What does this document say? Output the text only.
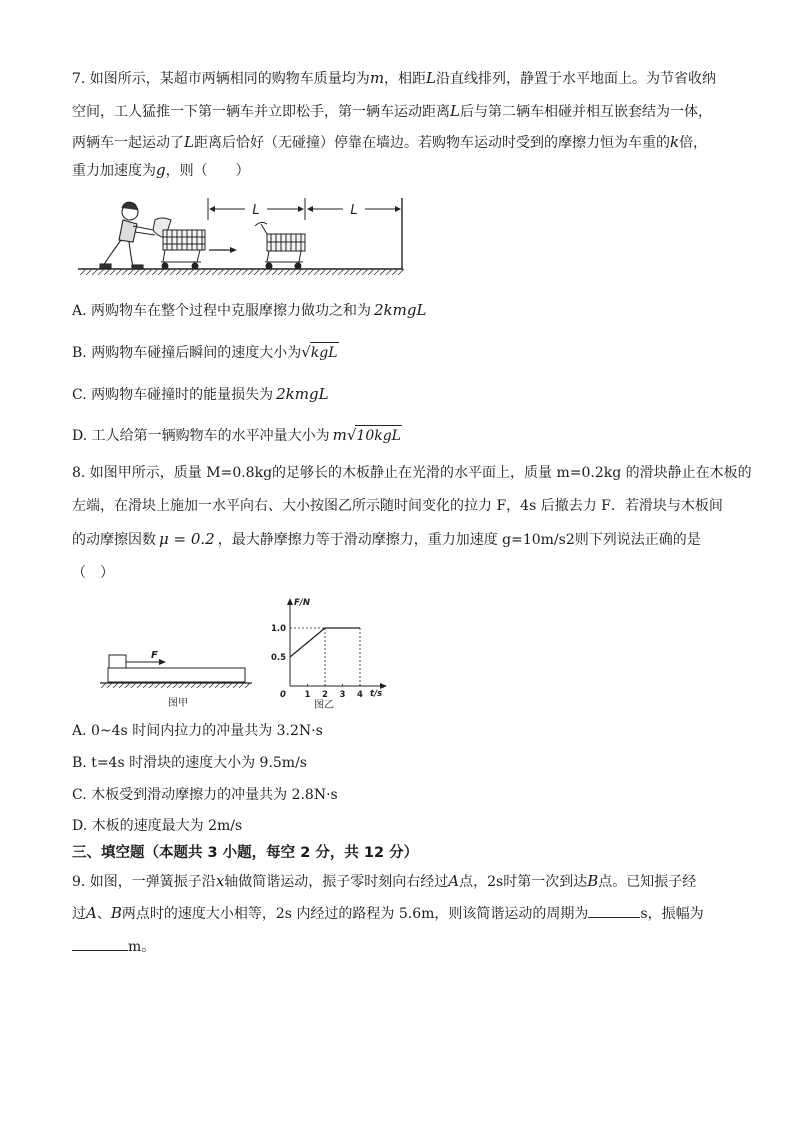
7. 如图所示，某超市两辆相同的购物车质量均为m，相距L沿直线排列，静置于水平地面上。为节省收纳
空间，工人猛推一下第一辆车并立即松手，第一辆车运动距离L后与第二辆车相碰并相互嵌套结为一体，
两辆车一起运动了L距离后恰好（无碰撞）停靠在墙边。若购物车运动时受到的摩擦力恒为车重的k倍，
重力加速度为g，则（　　）
L	L
A. 两购物车在整个过程中克服摩擦力做功之和为 2kmgL
B. 两购物车碰撞后瞬间的速度大小为√kgL
C. 两购物车碰撞时的能量损失为 2kmgL
D. 工人给第一辆购物车的水平冲量大小为 m√10kgL
8. 如图甲所示，质量 M=0.8kg的足够长的木板静止在光滑的水平面上，质量 m=0.2kg 的滑块静止在木板的
左端，在滑块上施加一水平向右、大小按图乙所示随时间变化的拉力 F，4s 后撤去力 F．若滑块与木板间
的动摩擦因数 μ = 0.2 ，最大静摩擦力等于滑动摩擦力，重力加速度 g=10m/s2则下列说法正确的是
（　）
F
图甲
F/N
t/s
图乙
0 1 2 3 4
0.5
1.0
A. 0~4s 时间内拉力的冲量共为 3.2N·s
B. t=4s 时滑块的速度大小为 9.5m/s
C. 木板受到滑动摩擦力的冲量共为 2.8N·s
D. 木板的速度最大为 2m/s
三、填空题（本题共 3 小题，每空 2 分，共 12 分）
9. 如图，一弹簧振子沿x轴做简谐运动，振子零时刻向右经过A点，2s时第一次到达B点。已知振子经
过A、B两点时的速度大小相等，2s 内经过的路程为 5.6m，则该简谐运动的周期为	s，振幅为
m。
